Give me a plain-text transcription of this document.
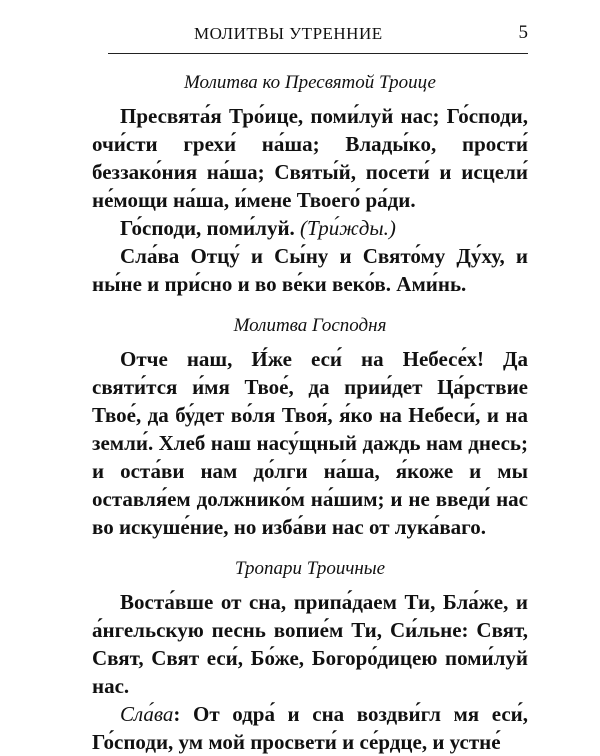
МОЛИТВЫ УТРЕННИЕ	5
Молитва ко Пресвятой Троице

Пресвята́я Тро́ице, поми́луй нас; Го́споди, очи́сти грехи́ на́ша; Влады́ко, прости́ беззако́ния на́ша; Святы́й, посети́ и исцели́ не́мощи на́ша, и́мене Твоего́ ра́ди.

Го́споди, поми́луй. (Три́жды.)

Сла́ва Отцу́ и Сы́ну и Свято́му Ду́ху, и ны́не и при́сно и во ве́ки веко́в. Ами́нь.

Молитва Господня

Отче наш, И́же еси́ на Небесе́х! Да святи́тся и́мя Твое́, да прии́дет Ца́рствие Твое́, да бу́дет во́ля Твоя́, я́ко на Небеси́, и на земли́. Хлеб наш насу́щный даждь нам днесь; и оста́ви нам до́лги на́ша, я́коже и мы оставля́ем должнико́м на́шим; и не введи́ нас во искуше́ние, но изба́ви нас от лука́ваго.

Тропари Троичные

Воста́вше от сна, припа́даем Ти, Бла́же, и а́нгельскую песнь вопие́м Ти, Си́льне: Свят, Свят, Свят еси́, Бо́же, Богоро́дицею поми́луй нас.

Сла́ва: От одра́ и сна воздви́гл мя еси́, Го́споди, ум мой просвети́ и се́рдце, и устне́
